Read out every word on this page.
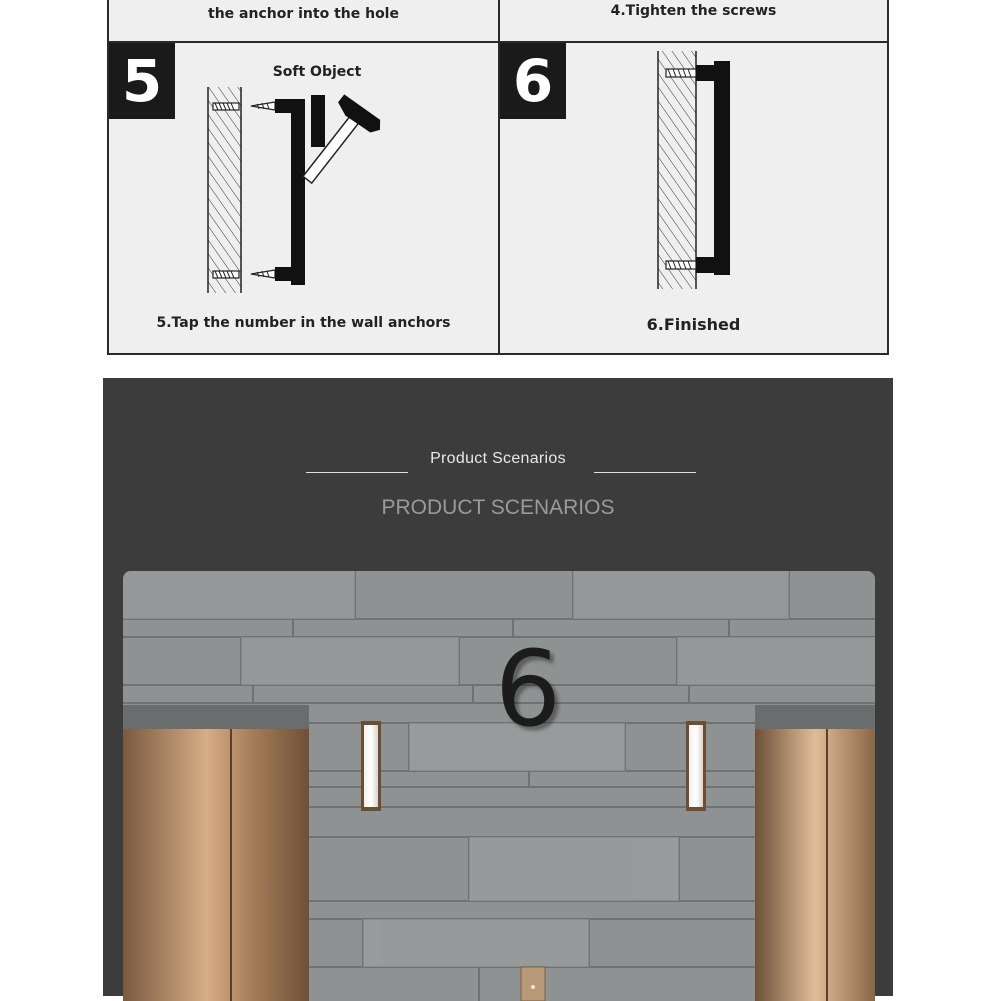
the anchor into the hole	4.Tighten the screws
5	Soft Object
5.Tap the number in the wall anchors
6
6.Finished
Product Scenarios
PRODUCT SCENARIOS
6
